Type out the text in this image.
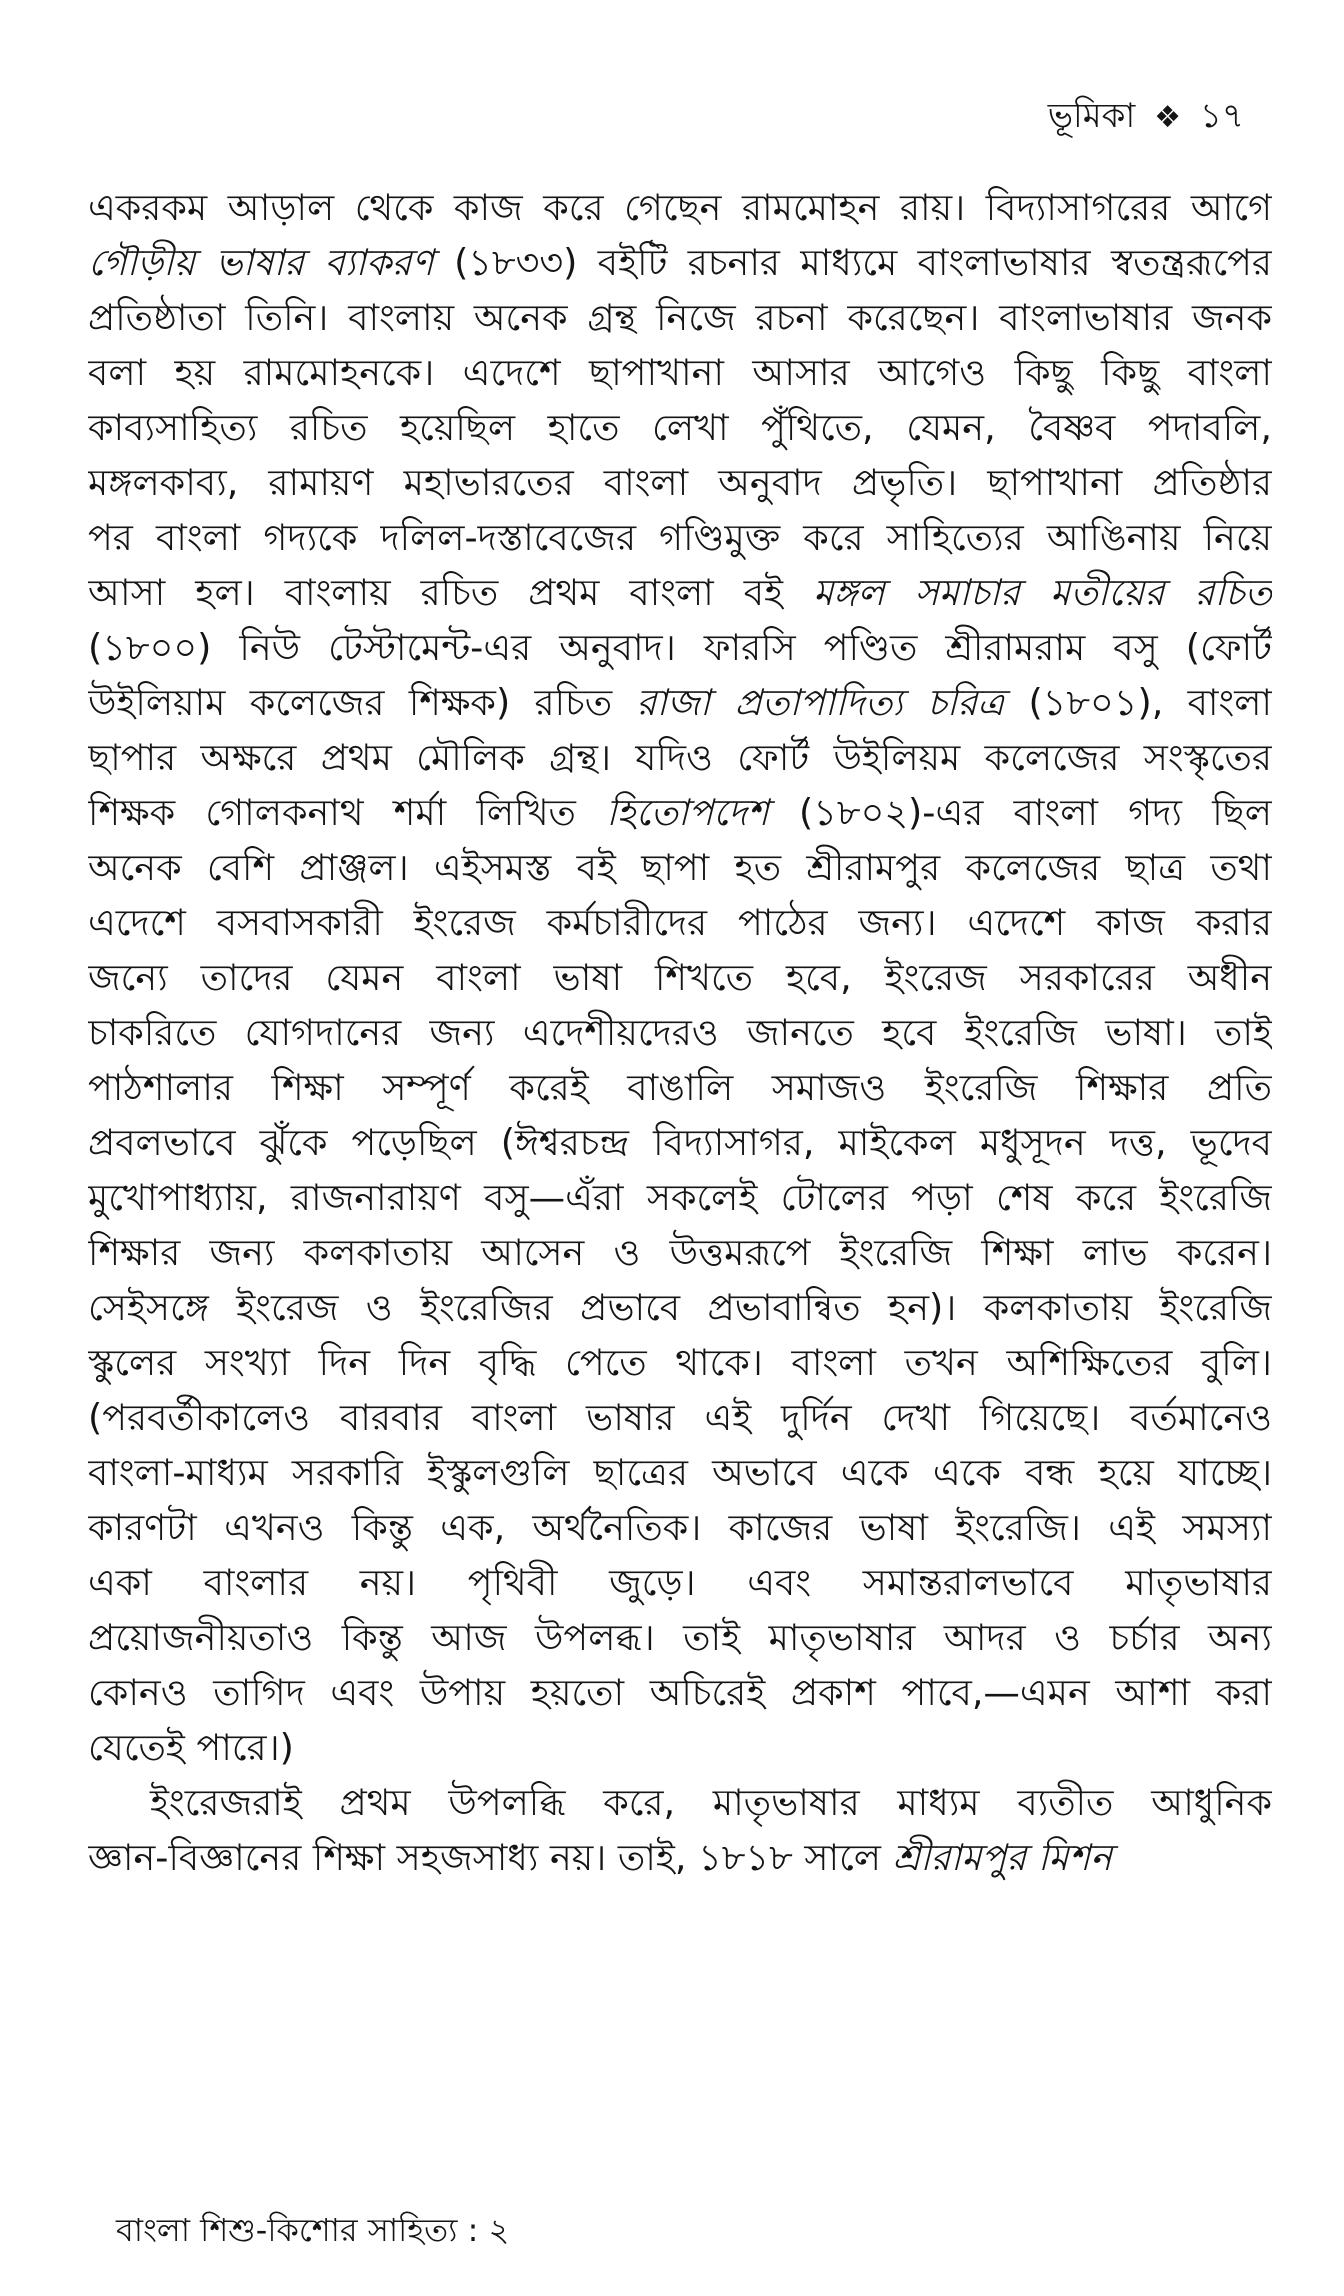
ভূমিকা ❖ ১৭
একরকম আড়াল থেকে কাজ করে গেছেন রামমোহন রায়। বিদ্যাসাগরের আগে
গৌড়ীয় ভাষার ব্যাকরণ (১৮৩৩) বইটি রচনার মাধ্যমে বাংলাভাষার স্বতন্ত্ররূপের
প্রতিষ্ঠাতা তিনি। বাংলায় অনেক গ্রন্থ নিজে রচনা করেছেন। বাংলাভাষার জনক
বলা হয় রামমোহনকে। এদেশে ছাপাখানা আসার আগেও কিছু কিছু বাংলা
কাব্যসাহিত্য রচিত হয়েছিল হাতে লেখা পুঁথিতে, যেমন, বৈষ্ণব পদাবলি,
মঙ্গলকাব্য, রামায়ণ মহাভারতের বাংলা অনুবাদ প্রভৃতি। ছাপাখানা প্রতিষ্ঠার
পর বাংলা গদ্যকে দলিল-দস্তাবেজের গণ্ডিমুক্ত করে সাহিত্যের আঙিনায় নিয়ে
আসা হল। বাংলায় রচিত প্রথম বাংলা বই মঙ্গল সমাচার মতীয়ের রচিত
(১৮০০) নিউ টেস্টামেন্ট-এর অনুবাদ। ফারসি পণ্ডিত শ্রীরামরাম বসু (ফোর্ট
উইলিয়াম কলেজের শিক্ষক) রচিত রাজা প্রতাপাদিত্য চরিত্র (১৮০১), বাংলা
ছাপার অক্ষরে প্রথম মৌলিক গ্রন্থ। যদিও ফোর্ট উইলিয়ম কলেজের সংস্কৃতের
শিক্ষক গোলকনাথ শর্মা লিখিত হিতোপদেশ (১৮০২)-এর বাংলা গদ্য ছিল
অনেক বেশি প্রাঞ্জল। এইসমস্ত বই ছাপা হত শ্রীরামপুর কলেজের ছাত্র তথা
এদেশে বসবাসকারী ইংরেজ কর্মচারীদের পাঠের জন্য। এদেশে কাজ করার
জন্যে তাদের যেমন বাংলা ভাষা শিখতে হবে, ইংরেজ সরকারের অধীন
চাকরিতে যোগদানের জন্য এদেশীয়দেরও জানতে হবে ইংরেজি ভাষা। তাই
পাঠশালার শিক্ষা সম্পূর্ণ করেই বাঙালি সমাজও ইংরেজি শিক্ষার প্রতি
প্রবলভাবে ঝুঁকে পড়েছিল (ঈশ্বরচন্দ্র বিদ্যাসাগর, মাইকেল মধুসূদন দত্ত, ভূদেব
মুখোপাধ্যায়, রাজনারায়ণ বসু—এঁরা সকলেই টোলের পড়া শেষ করে ইংরেজি
শিক্ষার জন্য কলকাতায় আসেন ও উত্তমরূপে ইংরেজি শিক্ষা লাভ করেন।
সেইসঙ্গে ইংরেজ ও ইংরেজির প্রভাবে প্রভাবান্বিত হন)। কলকাতায় ইংরেজি
স্কুলের সংখ্যা দিন দিন বৃদ্ধি পেতে থাকে। বাংলা তখন অশিক্ষিতের বুলি।
(পরবর্তীকালেও বারবার বাংলা ভাষার এই দুর্দিন দেখা গিয়েছে। বর্তমানেও
বাংলা-মাধ্যম সরকারি ইস্কুলগুলি ছাত্রের অভাবে একে একে বন্ধ হয়ে যাচ্ছে।
কারণটা এখনও কিন্তু এক, অর্থনৈতিক। কাজের ভাষা ইংরেজি। এই সমস্যা
একা বাংলার নয়। পৃথিবী জুড়ে। এবং সমান্তরালভাবে মাতৃভাষার
প্রয়োজনীয়তাও কিন্তু আজ উপলব্ধ। তাই মাতৃভাষার আদর ও চর্চার অন্য
কোনও তাগিদ এবং উপায় হয়তো অচিরেই প্রকাশ পাবে,—এমন আশা করা
যেতেই পারে।)
ইংরেজরাই প্রথম উপলব্ধি করে, মাতৃভাষার মাধ্যম ব্যতীত আধুনিক
জ্ঞান-বিজ্ঞানের শিক্ষা সহজসাধ্য নয়। তাই, ১৮১৮ সালে শ্রীরামপুর মিশন
বাংলা শিশু-কিশোর সাহিত্য : ২
